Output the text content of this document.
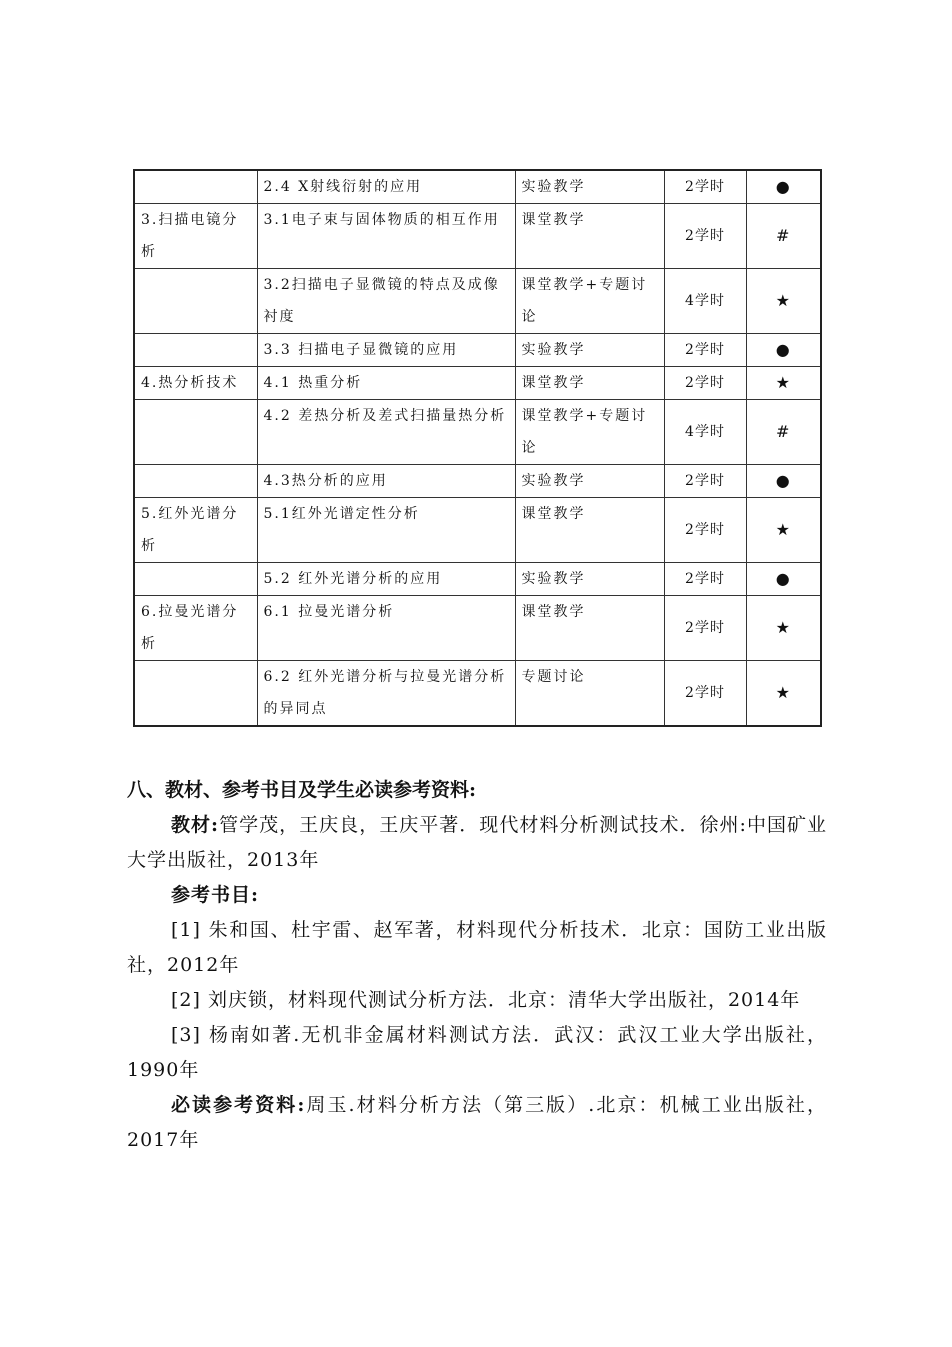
	2.4 X射线衍射的应用	实验教学	2学时	●
3.扫描电镜分析	3.1电子束与固体物质的相互作用	课堂教学	2学时	#
	3.2扫描电子显微镜的特点及成像衬度	课堂教学+专题讨论	4学时	★
	3.3 扫描电子显微镜的应用	实验教学	2学时	●
4.热分析技术	4.1 热重分析	课堂教学	2学时	★
	4.2 差热分析及差式扫描量热分析	课堂教学+专题讨论	4学时	#
	4.3热分析的应用	实验教学	2学时	●
5.红外光谱分析	5.1红外光谱定性分析	课堂教学	2学时	★
	5.2 红外光谱分析的应用	实验教学	2学时	●
6.拉曼光谱分析	6.1 拉曼光谱分析	课堂教学	2学时	★
	6.2 红外光谱分析与拉曼光谱分析的异同点	专题讨论	2学时	★

八、教材、参考书目及学生必读参考资料:

教材:管学茂，王庆良，王庆平著．现代材料分析测试技术．徐州:中国矿业大学出版社，2013年

参考书目:

[1] 朱和国、杜宇雷、赵军著，材料现代分析技术．北京：国防工业出版社，2012年

[2] 刘庆锁，材料现代测试分析方法．北京：清华大学出版社，2014年

[3] 杨南如著.无机非金属材料测试方法．武汉：武汉工业大学出版社，1990年

必读参考资料:周玉.材料分析方法（第三版）.北京：机械工业出版社，2017年
